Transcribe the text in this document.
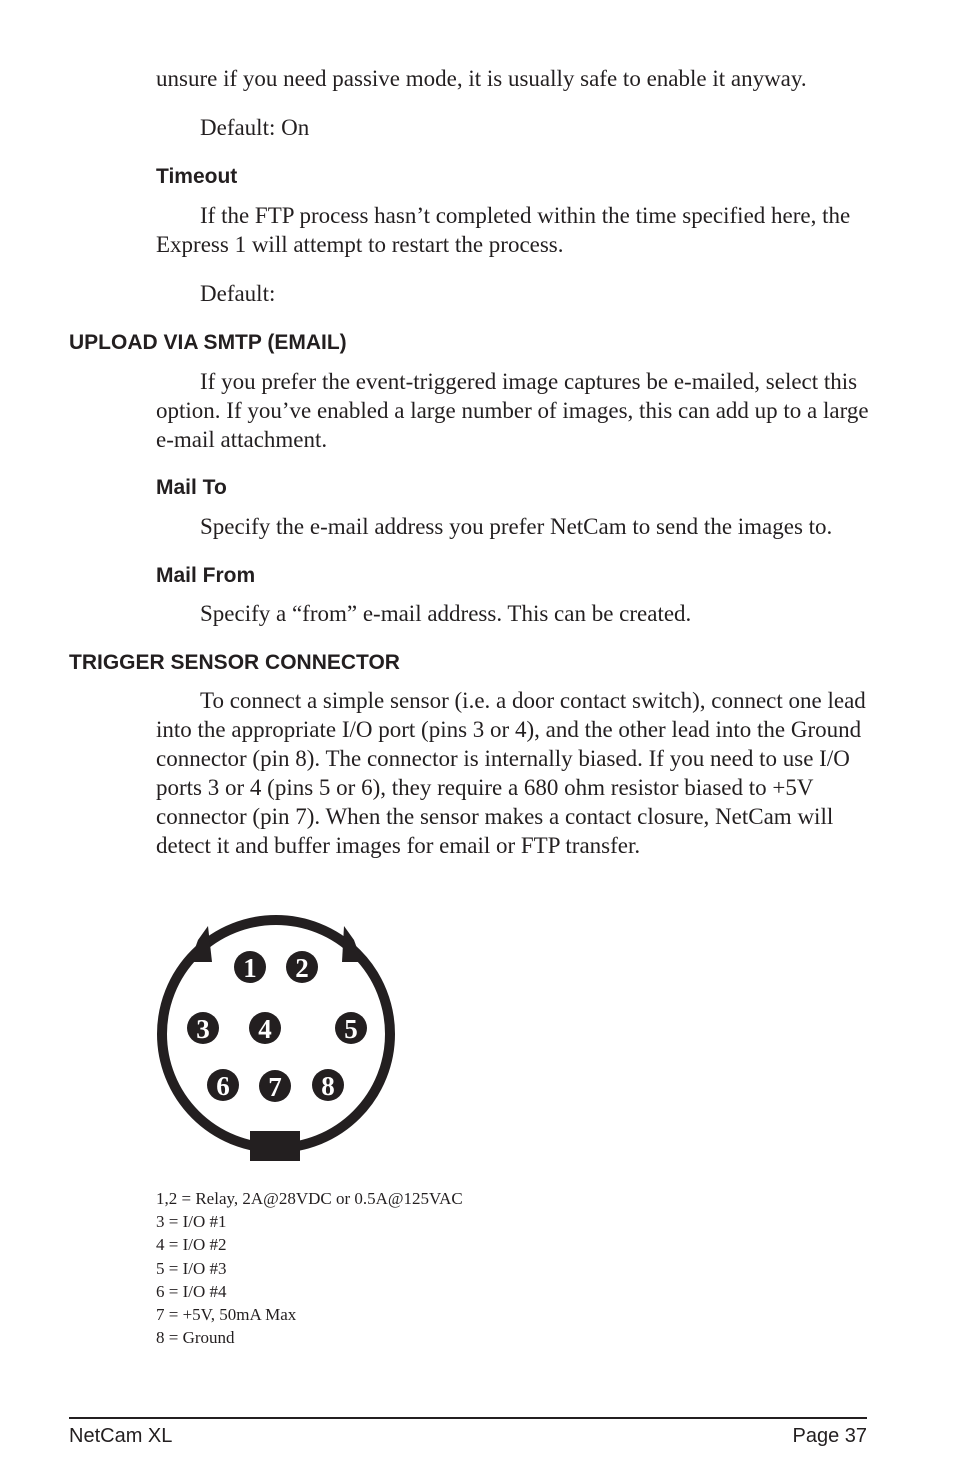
unsure if you need passive mode, it is usually safe to enable it anyway.

Default: On

Timeout

If the FTP process hasn’t completed within the time specified here, the Express 1 will attempt to restart the process.

Default:

UPLOAD VIA SMTP (EMAIL)

If you prefer the event-triggered image captures be e-mailed, select this option. If you’ve enabled a large number of images, this can add up to a large e-mail attachment.

Mail To

Specify the e-mail address you prefer NetCam to send the images to.

Mail From

Specify a “from” e-mail address. This can be created.

TRIGGER SENSOR CONNECTOR

To connect a simple sensor (i.e. a door contact switch), connect one lead into the appropriate I/O port (pins 3 or 4), and the other lead into the Ground connector (pin 8). The connector is internally biased. If you need to use I/O ports 3 or 4 (pins 5 or 6), they require a 680 ohm resistor biased to +5V connector (pin 7). When the sensor makes a contact closure, NetCam will detect it and buffer images for email or FTP transfer.

1 2
3 4	5
6 7 8
1,2 = Relay, 2A@28VDC or 0.5A@125VAC
3 = I/O #1
4 = I/O #2
5 = I/O #3
6 = I/O #4
7 = +5V, 50mA Max
8 = Ground
NetCam XL	Page 37
